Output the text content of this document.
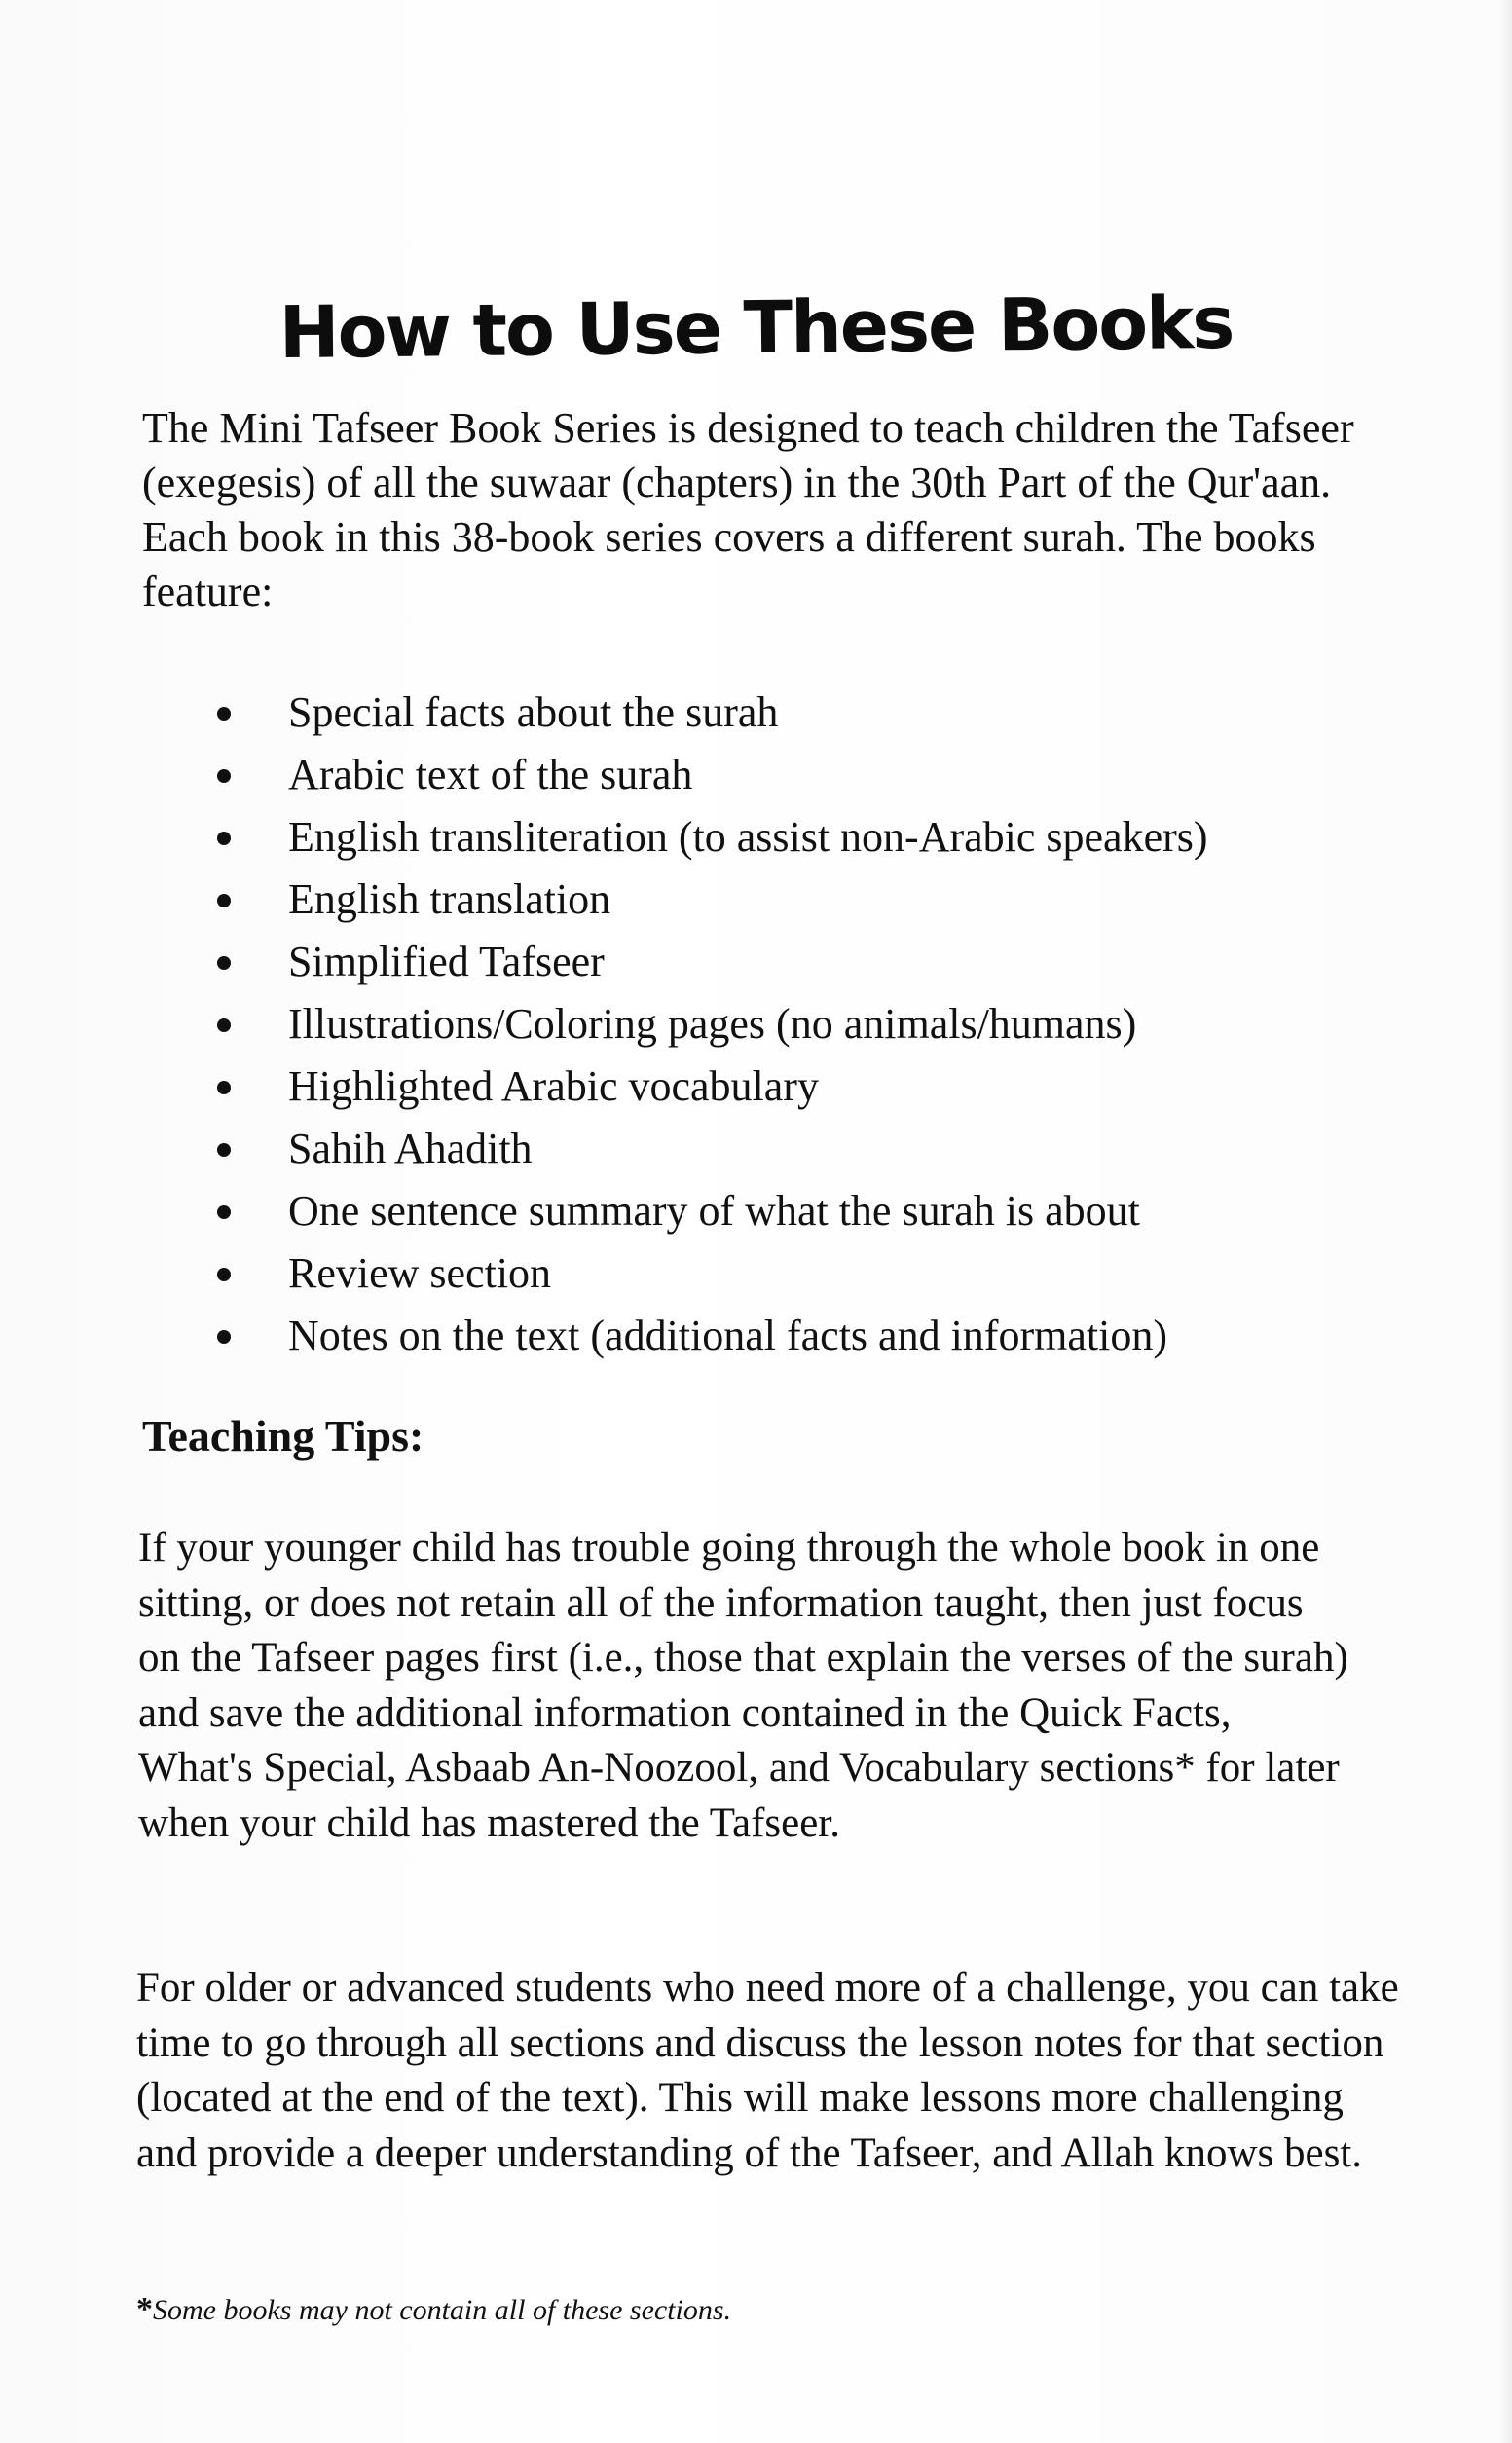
How to Use These Books

The Mini Tafseer Book Series is designed to teach children the Tafseer (exegesis) of all the suwaar (chapters) in the 30th Part of the Qur'aan. Each book in this 38-book series covers a different surah. The books feature:

Special facts about the surah
Arabic text of the surah
English transliteration (to assist non-Arabic speakers)
English translation
Simplified Tafseer
Illustrations/Coloring pages (no animals/humans)
Highlighted Arabic vocabulary
Sahih Ahadith
One sentence summary of what the surah is about
Review section
Notes on the text (additional facts and information)
Teaching Tips:

If your younger child has trouble going through the whole book in one sitting, or does not retain all of the information taught, then just focus on the Tafseer pages first (i.e., those that explain the verses of the surah) and save the additional information contained in the Quick Facts, What's Special, Asbaab An-Noozool, and Vocabulary sections* for later when your child has mastered the Tafseer.

For older or advanced students who need more of a challenge, you can take time to go through all sections and discuss the lesson notes for that section (located at the end of the text). This will make lessons more challenging and provide a deeper understanding of the Tafseer, and Allah knows best.

*Some books may not contain all of these sections.
